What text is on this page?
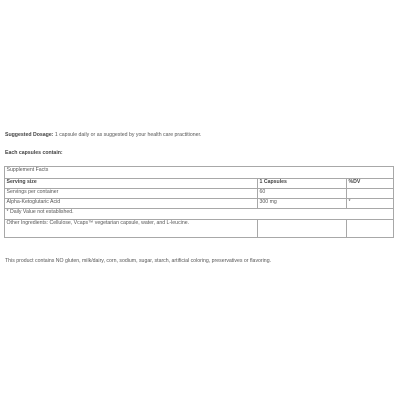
Suggested Dosage: 1 capsule daily or as suggested by your health care practitioner.
Each capsules contain:
Supplement Facts		
Serving size	1 Capsules	%DV
Servings per container	60	
Alpha-Ketoglutaric Acid	300 mg	*
* Daily Value not established.		
Other Ingredients: Cellulose, Vcaps™ vegetarian capsule, water, and L-leucine.		
This product contains NO gluten, milk/dairy, corn, sodium, sugar, starch, artificial coloring, preservatives or flavoring.
